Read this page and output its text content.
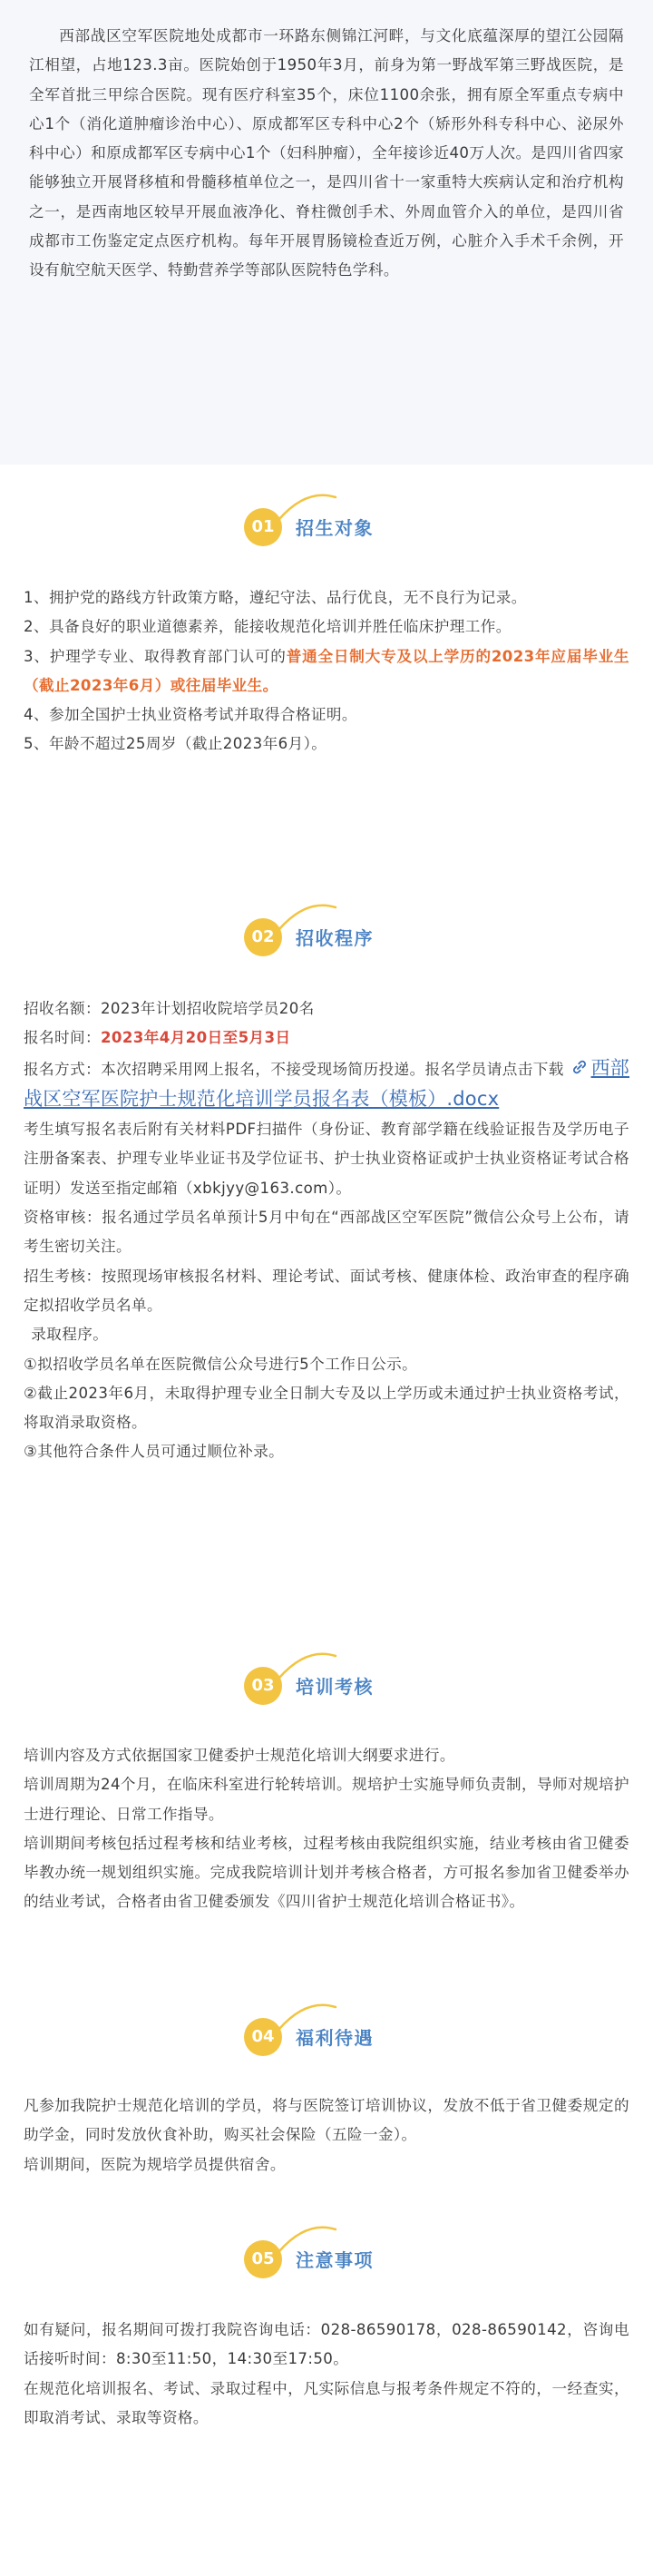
西部战区空军医院地处成都市一环路东侧锦江河畔，与文化底蕴深厚的望江公园隔江相望，占地123.3亩。医院始创于1950年3月，前身为第一野战军第三野战医院，是全军首批三甲综合医院。现有医疗科室35个，床位1100余张，拥有原全军重点专病中心1个（消化道肿瘤诊治中心）、原成都军区专科中心2个（矫形外科专科中心、泌尿外科中心）和原成都军区专病中心1个（妇科肿瘤），全年接诊近40万人次。是四川省四家能够独立开展肾移植和骨髓移植单位之一，是四川省十一家重特大疾病认定和治疗机构之一，是西南地区较早开展血液净化、脊柱微创手术、外周血管介入的单位，是四川省成都市工伤鉴定定点医疗机构。每年开展胃肠镜检查近万例，心脏介入手术千余例，开设有航空航天医学、特勤营养学等部队医院特色学科。

01	招生对象

1、拥护党的路线方针政策方略，遵纪守法、品行优良，无不良行为记录。

2、具备良好的职业道德素养，能接收规范化培训并胜任临床护理工作。

3、护理学专业、取得教育部门认可的普通全日制大专及以上学历的2023年应届毕业生（截止2023年6月）或往届毕业生。

4、参加全国护士执业资格考试并取得合格证明。

5、年龄不超过25周岁（截止2023年6月）。

02	招收程序

招收名额：2023年计划招收院培学员20名

报名时间：2023年4月20日至5月3日

报名方式：本次招聘采用网上报名，不接受现场简历投递。报名学员请点击下载 西部战区空军医院护士规范化培训学员报名表（模板）.docx

考生填写报名表后附有关材料PDF扫描件（身份证、教育部学籍在线验证报告及学历电子注册备案表、护理专业毕业证书及学位证书、护士执业资格证或护士执业资格证考试合格证明）发送至指定邮箱（xbkjyy@163.com）。

资格审核：报名通过学员名单预计5月中旬在“西部战区空军医院”微信公众号上公布，请考生密切关注。

招生考核：按照现场审核报名材料、理论考试、面试考核、健康体检、政治审查的程序确定拟招收学员名单。

录取程序。

①拟招收学员名单在医院微信公众号进行5个工作日公示。

②截止2023年6月，未取得护理专业全日制大专及以上学历或未通过护士执业资格考试，将取消录取资格。

③其他符合条件人员可通过顺位补录。

03	培训考核

培训内容及方式依据国家卫健委护士规范化培训大纲要求进行。

培训周期为24个月，在临床科室进行轮转培训。规培护士实施导师负责制，导师对规培护士进行理论、日常工作指导。

培训期间考核包括过程考核和结业考核，过程考核由我院组织实施，结业考核由省卫健委毕教办统一规划组织实施。完成我院培训计划并考核合格者，方可报名参加省卫健委举办的结业考试，合格者由省卫健委颁发《四川省护士规范化培训合格证书》。

04	福利待遇

凡参加我院护士规范化培训的学员，将与医院签订培训协议，发放不低于省卫健委规定的助学金，同时发放伙食补助，购买社会保险（五险一金）。

培训期间，医院为规培学员提供宿舍。

05	注意事项

如有疑问，报名期间可拨打我院咨询电话：028-86590178，028-86590142，咨询电话接听时间：8:30至11:50，14:30至17:50。

在规范化培训报名、考试、录取过程中，凡实际信息与报考条件规定不符的，一经查实，即取消考试、录取等资格。
